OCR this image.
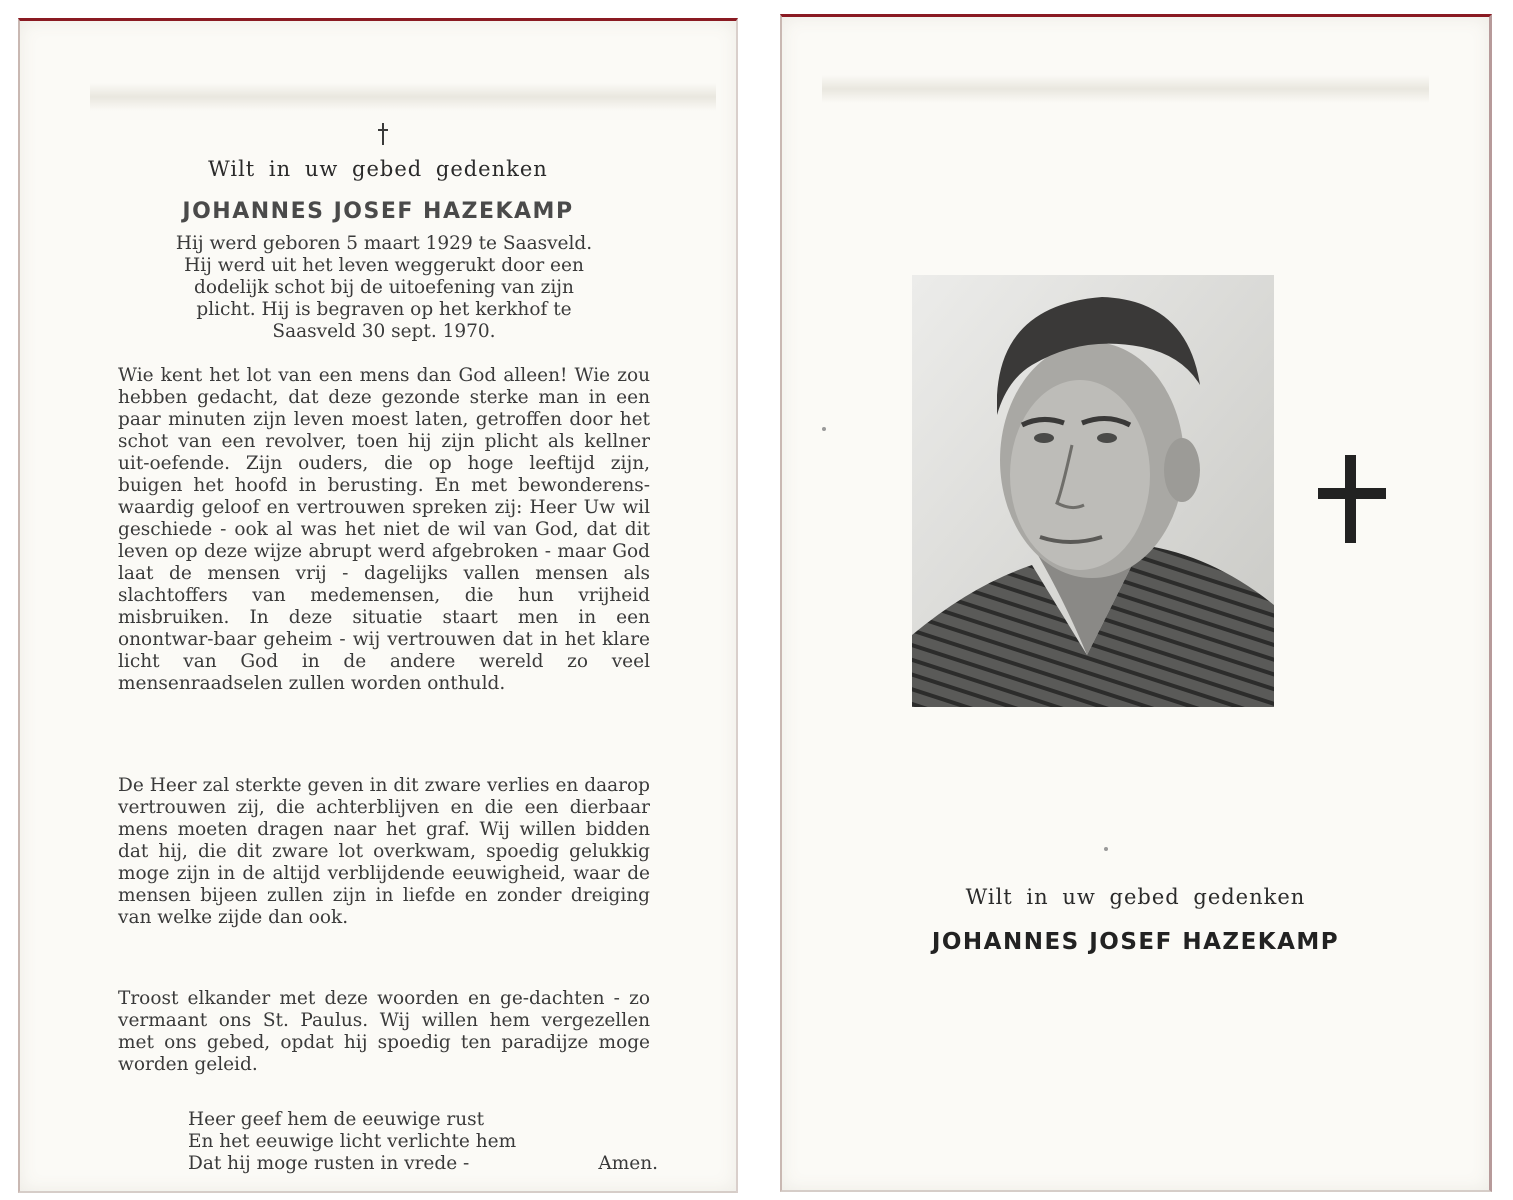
Wilt in uw gebed gedenken
JOHANNES JOSEF HAZEKAMP
Hij werd geboren 5 maart 1929 te Saasveld.
Hij werd uit het leven weggerukt door een
dodelijk schot bij de uitoefening van zijn
plicht. Hij is begraven op het kerkhof te
Saasveld 30 sept. 1970.

Wie kent het lot van een mens dan God alleen! Wie zou hebben gedacht, dat deze gezonde sterke man in een paar minuten zijn leven moest laten, getroffen door het schot van een revolver, toen hij zijn plicht als kellner uit-oefende. Zijn ouders, die op hoge leeftijd zijn, buigen het hoofd in berusting. En met bewonderens-waardig geloof en vertrouwen spreken zij: Heer Uw wil geschiede - ook al was het niet de wil van God, dat dit leven op deze wijze abrupt werd afgebroken - maar God laat de mensen vrij - dagelijks vallen mensen als slachtoffers van medemensen, die hun vrijheid misbruiken. In deze situatie staart men in een onontwar-baar geheim - wij vertrouwen dat in het klare licht van God in de andere wereld zo veel mensenraadselen zullen worden onthuld.

De Heer zal sterkte geven in dit zware verlies en daarop vertrouwen zij, die achterblijven en die een dierbaar mens moeten dragen naar het graf. Wij willen bidden dat hij, die dit zware lot overkwam, spoedig gelukkig moge zijn in de altijd verblijdende eeuwigheid, waar de mensen bijeen zullen zijn in liefde en zonder dreiging van welke zijde dan ook.

Troost elkander met deze woorden en ge-dachten - zo vermaant ons St. Paulus. Wij willen hem vergezellen met ons gebed, opdat hij spoedig ten paradijze moge worden geleid.

Heer geef hem de eeuwige rust
En het eeuwige licht verlichte hem
Dat hij moge rusten in vrede -	Amen.
Wilt in uw gebed gedenken
JOHANNES JOSEF HAZEKAMP
